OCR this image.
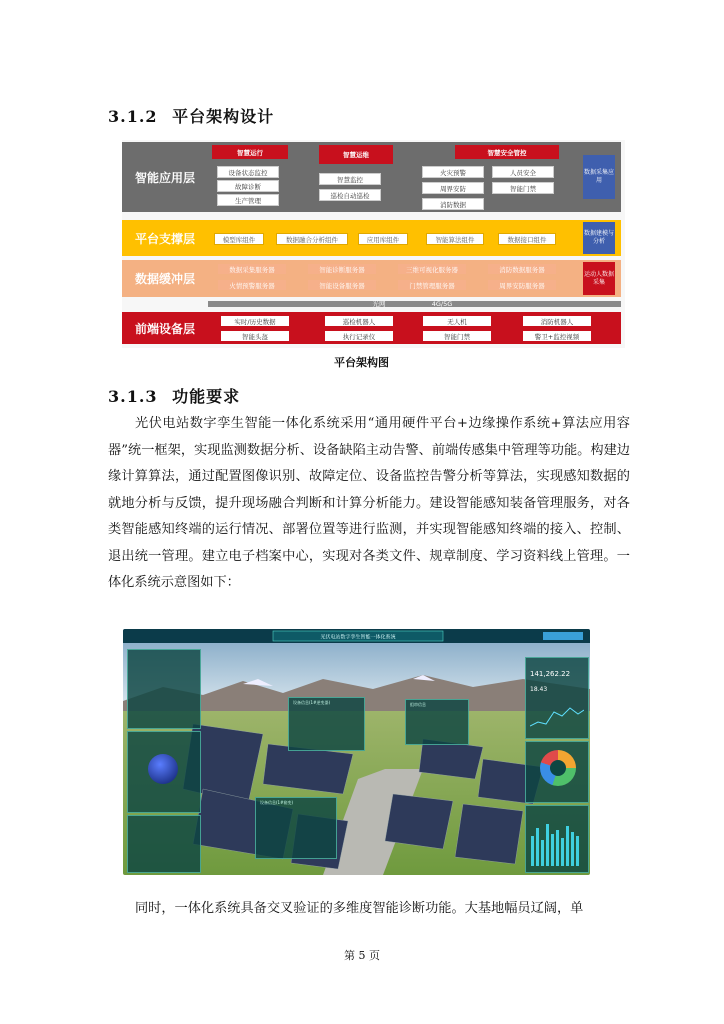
3.1.2 平台架构设计
智能应用层
智慧运行	智慧运维	智慧安全管控
设备状态监控
故障诊断
生产管理
智慧监控
巡检自动巡检
火灾预警	人员安全
周界安防	智能门禁
消防数据
数据采集应用
平台支撑层	模型库组件	数据融合分析组件	应用库组件	智能算法组件	数据接口组件
数据建模与分析
数据缓冲层
数据采集服务器	智能诊断服务器	三维可视化服务器	消防数据服务器
火情预警服务器	智能设备服务器	门禁管理服务器	周界安防服务器
运动人数据采集
光网	4G/5G
前端设备层	实时/历史数据	巡检机器人	无人机	消防机器人
智能头盔	执行记录仪	智能门禁	警卫+监控视频
平台架构图
3.1.3 功能要求
光伏电站数字孪生智能一体化系统采用“通用硬件平台+边缘操作系统+算法应用容器”统一框架，实现监测数据分析、设备缺陷主动告警、前端传感集中管理等功能。构建边缘计算算法，通过配置图像识别、故障定位、设备监控告警分析等算法，实现感知数据的就地分析与反馈，提升现场融合判断和计算分析能力。建设智能感知装备管理服务，对各类智能感知终端的运行情况、部署位置等进行监测，并实现智能感知终端的接入、控制、退出统一管理。建立电子档案中心，实现对各类文件、规章制度、学习资料线上管理。一体化系统示意图如下：
光伏电站数字孪生智能一体化系统
设备信息(1#逆变器)	组串信息
设备信息(1#箱变)
141,262.22
18.43
同时，一体化系统具备交叉验证的多维度智能诊断功能。大基地幅员辽阔，单
第 5 页
